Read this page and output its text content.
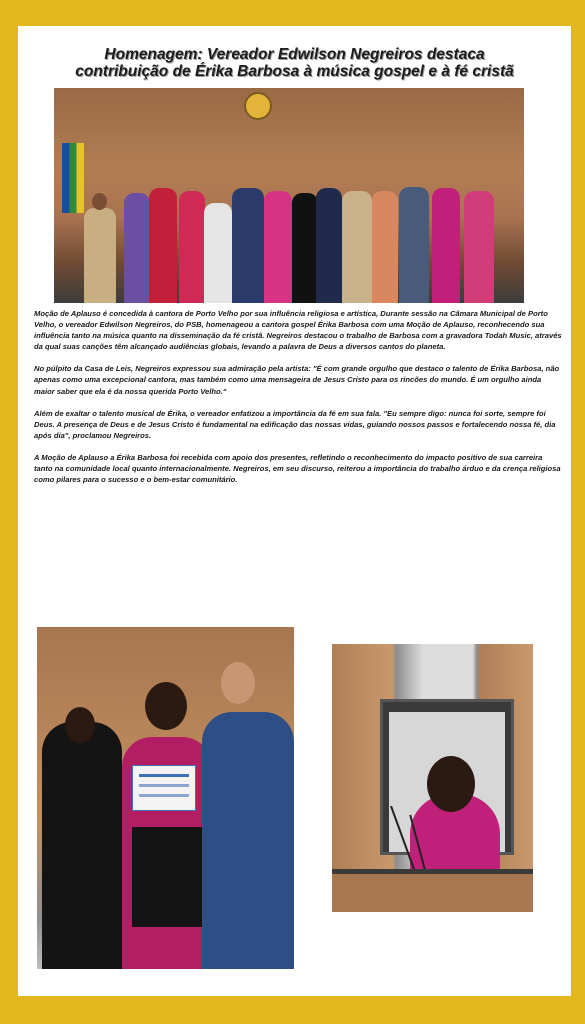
Homenagem: Vereador Edwilson Negreiros destaca
contribuição de Érika Barbosa à música gospel e à fé cristã

Moção de Aplauso é concedida à cantora de Porto Velho por sua influência religiosa e artística, Durante sessão na Câmara Municipal de Porto Velho, o vereador Edwilson Negreiros, do PSB, homenageou a cantora gospel Érika Barbosa com uma Moção de Aplauso, reconhecendo sua influência tanto na música quanto na disseminação da fé cristã. Negreiros destacou o trabalho de Barbosa com a gravadora Todah Music, através da qual suas canções têm alcançado audiências globais, levando a palavra de Deus a diversos cantos do planeta.

No púlpito da Casa de Leis, Negreiros expressou sua admiração pela artista: "É com grande orgulho que destaco o talento de Érika Barbosa, não apenas como uma excepcional cantora, mas também como uma mensageira de Jesus Cristo para os rincões do mundo. É um orgulho ainda maior saber que ela é da nossa querida Porto Velho."

Além de exaltar o talento musical de Érika, o vereador enfatizou a importância da fé em sua fala. "Eu sempre digo: nunca foi sorte, sempre foi Deus. A presença de Deus e de Jesus Cristo é fundamental na edificação das nossas vidas, guiando nossos passos e fortalecendo nossa fé, dia após dia", proclamou Negreiros.

A Moção de Aplauso a Érika Barbosa foi recebida com apoio dos presentes, refletindo o reconhecimento do impacto positivo de sua carreira tanto na comunidade local quanto internacionalmente. Negreiros, em seu discurso, reiterou a importância do trabalho árduo e da crença religiosa como pilares para o sucesso e o bem-estar comunitário.
